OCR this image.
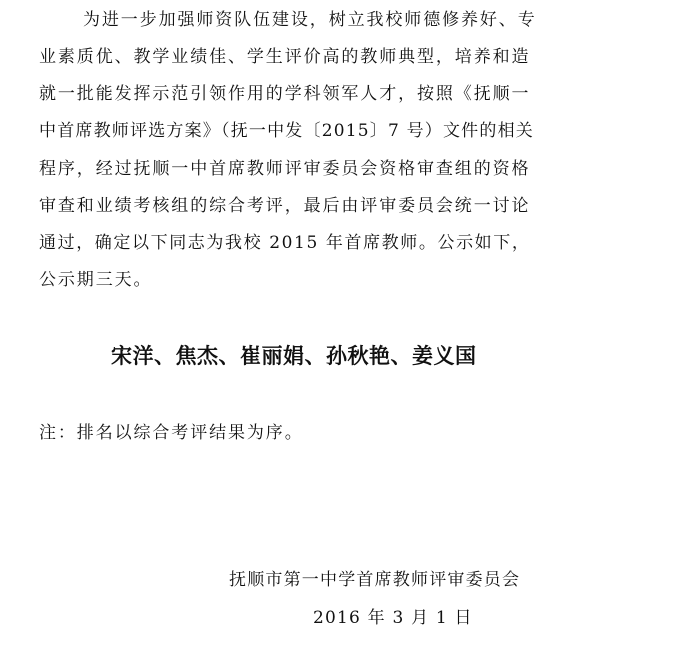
为进一步加强师资队伍建设，树立我校师德修养好、专
业素质优、教学业绩佳、学生评价高的教师典型，培养和造
就一批能发挥示范引领作用的学科领军人才，按照《抚顺一
中首席教师评选方案》（抚一中发〔2015〕7 号）文件的相关
程序，经过抚顺一中首席教师评审委员会资格审查组的资格
审查和业绩考核组的综合考评，最后由评审委员会统一讨论
通过，确定以下同志为我校 2015 年首席教师。公示如下，
公示期三天。
宋洋、焦杰、崔丽娟、孙秋艳、姜义国
注：排名以综合考评结果为序。
抚顺市第一中学首席教师评审委员会
2016 年 3 月 1 日
